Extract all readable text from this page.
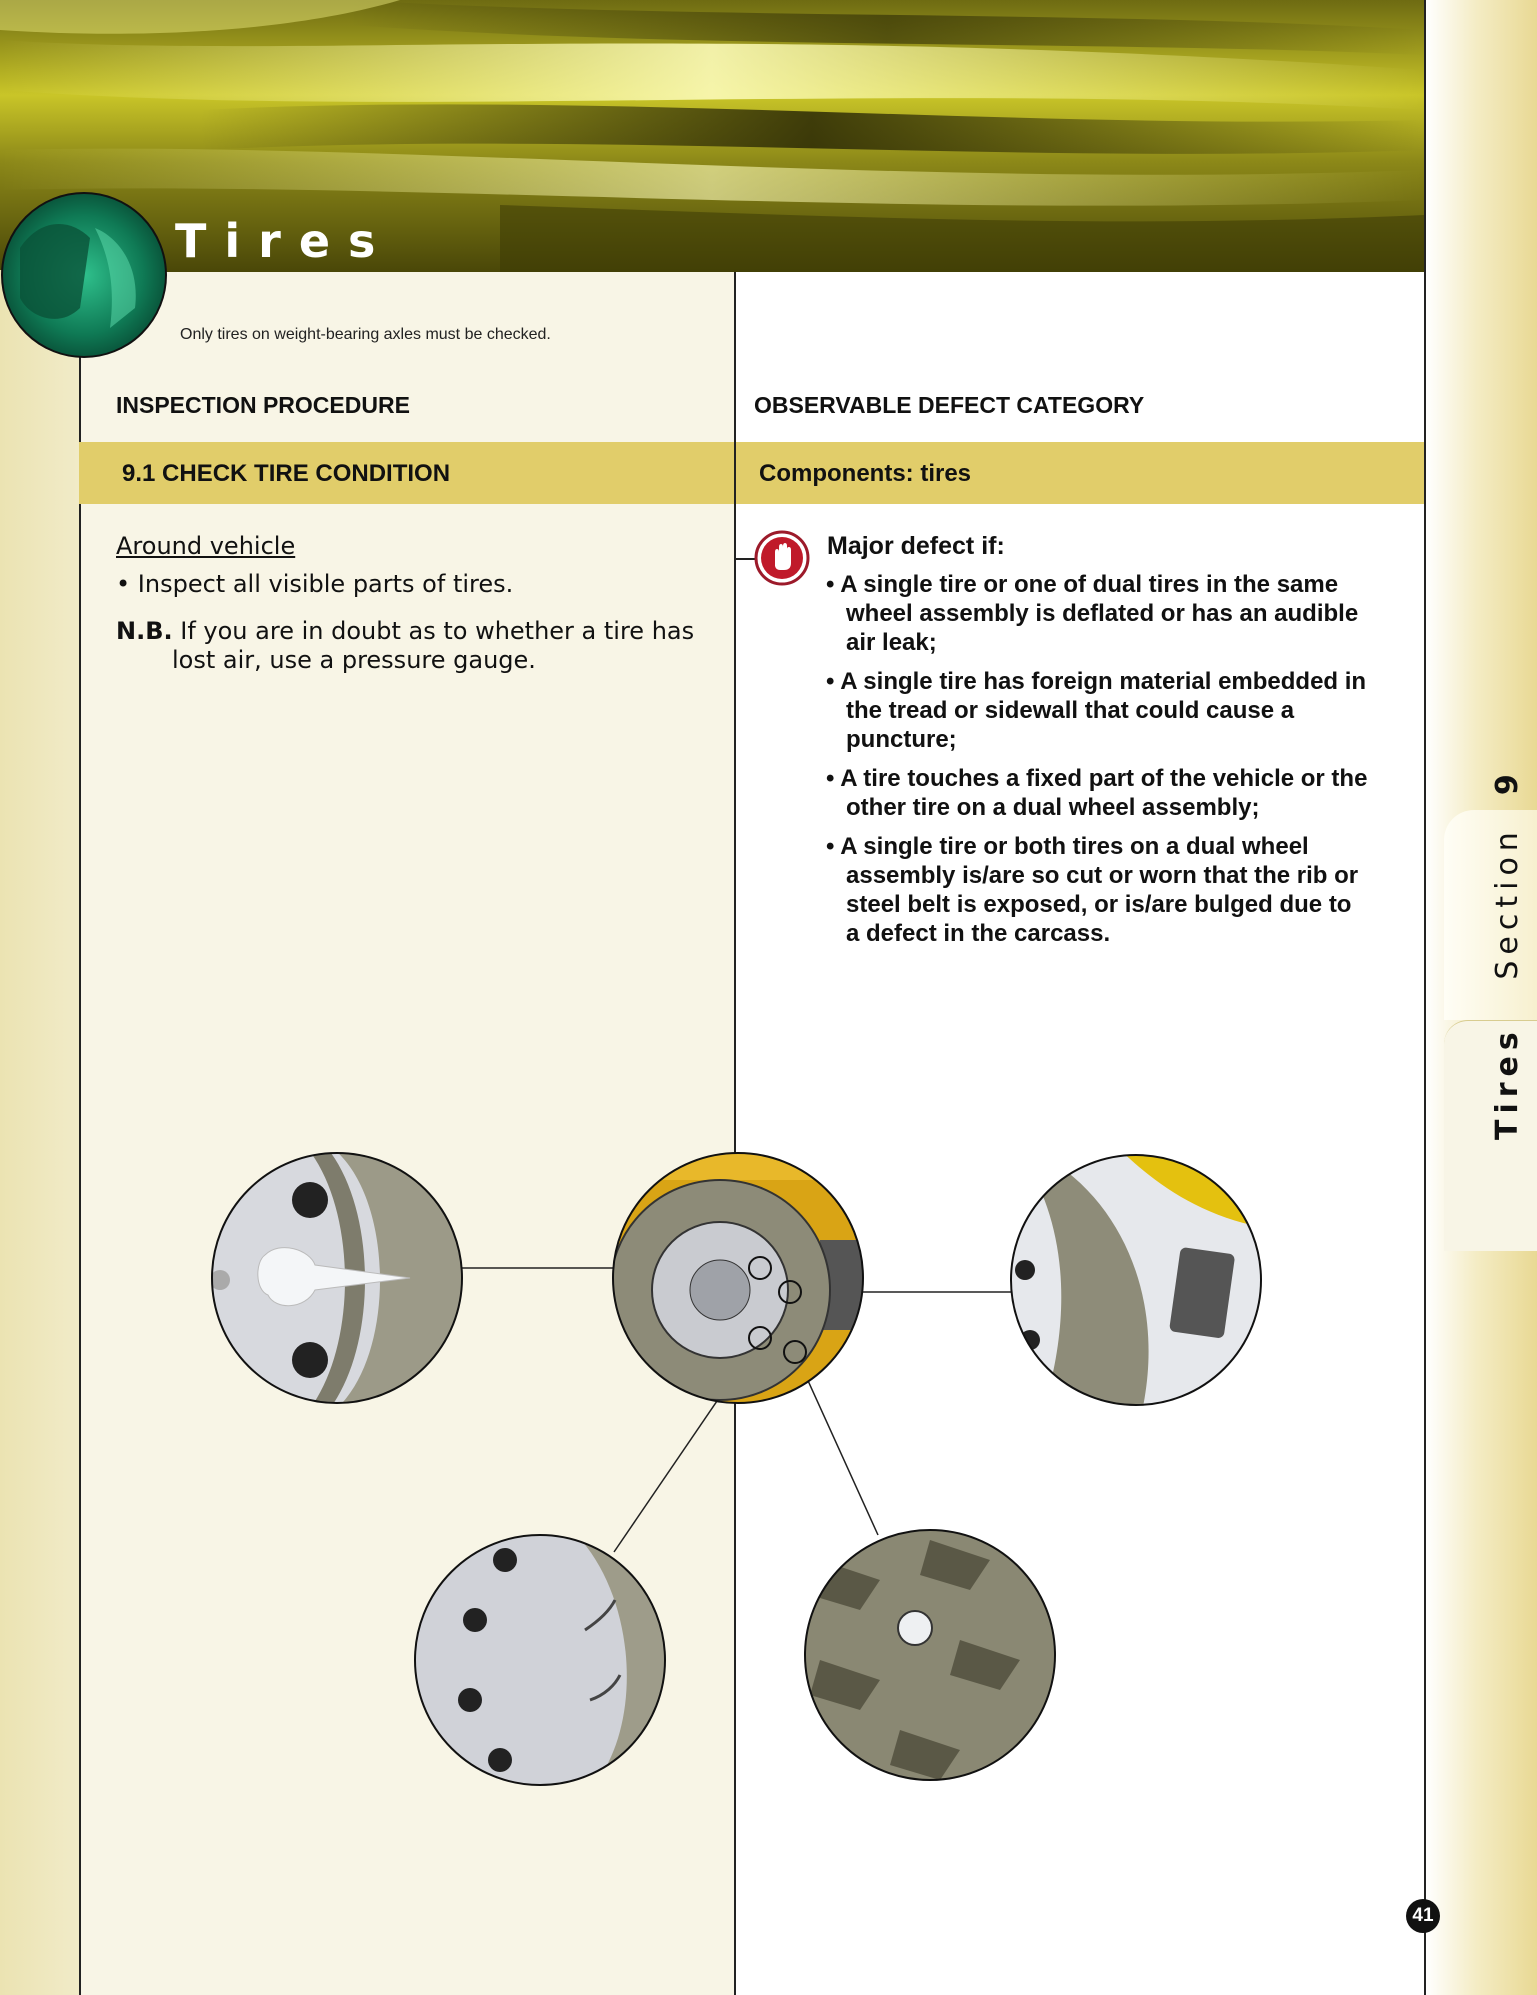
Tires
Only tires on weight-bearing axles must be checked.
INSPECTION PROCEDURE	OBSERVABLE DEFECT CATEGORY
9.1 CHECK TIRE CONDITION	Components: tires
Around vehicle
• Inspect all visible parts of tires.
N.B. If you are in doubt as to whether a tire has
lost air, use a pressure gauge.
Major defect if:
• A single tire or one of dual tires in the same wheel assembly is deflated or has an audible air leak;
• A single tire has foreign material embedded in the tread or sidewall that could cause a puncture;
• A tire touches a fixed part of the vehicle or the other tire on a dual wheel assembly;
• A single tire or both tires on a dual wheel assembly is/are so cut or worn that the rib or steel belt is exposed, or is/are bulged due to a defect in the carcass.
Tires   Section  9
41
